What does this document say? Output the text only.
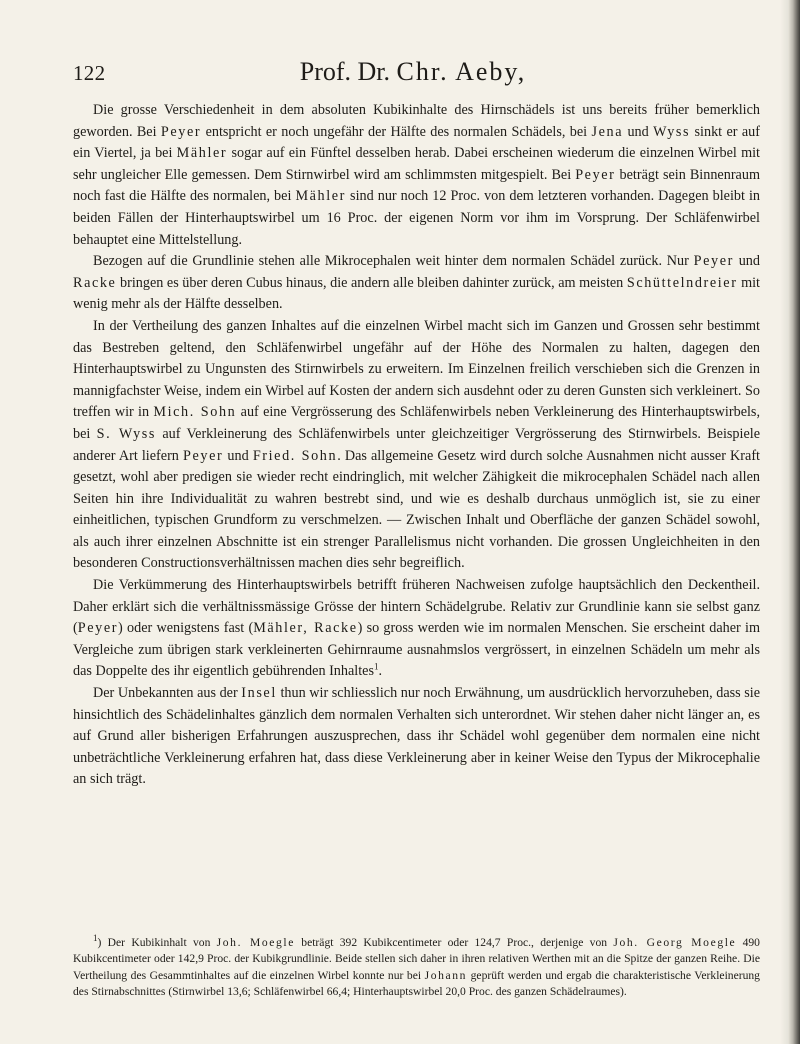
122	Prof. Dr. Chr. Aeby,

Die grosse Verschiedenheit in dem absoluten Kubikinhalte des Hirnschädels ist uns bereits früher bemerklich geworden. Bei Peyer entspricht er noch ungefähr der Hälfte des normalen Schädels, bei Jena und Wyss sinkt er auf ein Viertel, ja bei Mähler sogar auf ein Fünftel desselben herab. Dabei erscheinen wiederum die einzelnen Wirbel mit sehr ungleicher Elle gemessen. Dem Stirnwirbel wird am schlimmsten mitgespielt. Bei Peyer beträgt sein Binnenraum noch fast die Hälfte des normalen, bei Mähler sind nur noch 12 Proc. von dem letzteren vorhanden. Dagegen bleibt in beiden Fällen der Hinterhauptswirbel um 16 Proc. der eigenen Norm vor ihm im Vorsprung. Der Schläfenwirbel behauptet eine Mittelstellung.

Bezogen auf die Grundlinie stehen alle Mikrocephalen weit hinter dem normalen Schädel zurück. Nur Peyer und Racke bringen es über deren Cubus hinaus, die andern alle bleiben dahinter zurück, am meisten Schüttelndreier mit wenig mehr als der Hälfte desselben.

In der Vertheilung des ganzen Inhaltes auf die einzelnen Wirbel macht sich im Ganzen und Grossen sehr bestimmt das Bestreben geltend, den Schläfenwirbel ungefähr auf der Höhe des Normalen zu halten, dagegen den Hinterhauptswirbel zu Ungunsten des Stirnwirbels zu erweitern. Im Einzelnen freilich verschieben sich die Grenzen in mannigfachster Weise, indem ein Wirbel auf Kosten der andern sich ausdehnt oder zu deren Gunsten sich verkleinert. So treffen wir in Mich. Sohn auf eine Vergrösserung des Schläfenwirbels neben Verkleinerung des Hinterhauptswirbels, bei S. Wyss auf Verkleinerung des Schläfenwirbels unter gleichzeitiger Vergrösserung des Stirnwirbels. Beispiele anderer Art liefern Peyer und Fried. Sohn. Das allgemeine Gesetz wird durch solche Ausnahmen nicht ausser Kraft gesetzt, wohl aber predigen sie wieder recht eindringlich, mit welcher Zähigkeit die mikrocephalen Schädel nach allen Seiten hin ihre Individualität zu wahren bestrebt sind, und wie es deshalb durchaus unmöglich ist, sie zu einer einheitlichen, typischen Grundform zu verschmelzen. — Zwischen Inhalt und Oberfläche der ganzen Schädel sowohl, als auch ihrer einzelnen Abschnitte ist ein strenger Parallelismus nicht vorhanden. Die grossen Ungleichheiten in den besonderen Constructionsverhältnissen machen dies sehr begreiflich.

Die Verkümmerung des Hinterhauptswirbels betrifft früheren Nachweisen zufolge hauptsächlich den Deckentheil. Daher erklärt sich die verhältnissmässige Grösse der hintern Schädelgrube. Relativ zur Grundlinie kann sie selbst ganz (Peyer) oder wenigstens fast (Mähler, Racke) so gross werden wie im normalen Menschen. Sie erscheint daher im Vergleiche zum übrigen stark verkleinerten Gehirnraume ausnahmslos vergrössert, in einzelnen Schädeln um mehr als das Doppelte des ihr eigentlich gebührenden Inhaltes$^1$.

Der Unbekannten aus der Insel thun wir schliesslich nur noch Erwähnung, um ausdrücklich hervorzuheben, dass sie hinsichtlich des Schädelinhaltes gänzlich dem normalen Verhalten sich unterordnet. Wir stehen daher nicht länger an, es auf Grund aller bisherigen Erfahrungen auszusprechen, dass ihr Schädel wohl gegenüber dem normalen eine nicht unbeträchtliche Verkleinerung erfahren hat, dass diese Verkleinerung aber in keiner Weise den Typus der Mikrocephalie an sich trägt.

$^1$) Der Kubikinhalt von Joh. Moegle beträgt 392 Kubikcentimeter oder 124,7 Proc., derjenige von Joh. Georg Moegle 490 Kubikcentimeter oder 142,9 Proc. der Kubikgrundlinie. Beide stellen sich daher in ihren relativen Werthen mit an die Spitze der ganzen Reihe. Die Vertheilung des Gesammtinhaltes auf die einzelnen Wirbel konnte nur bei Johann geprüft werden und ergab die charakteristische Verkleinerung des Stirnabschnittes (Stirnwirbel 13,6; Schläfenwirbel 66,4; Hinterhauptswirbel 20,0 Proc. des ganzen Schädelraumes).
